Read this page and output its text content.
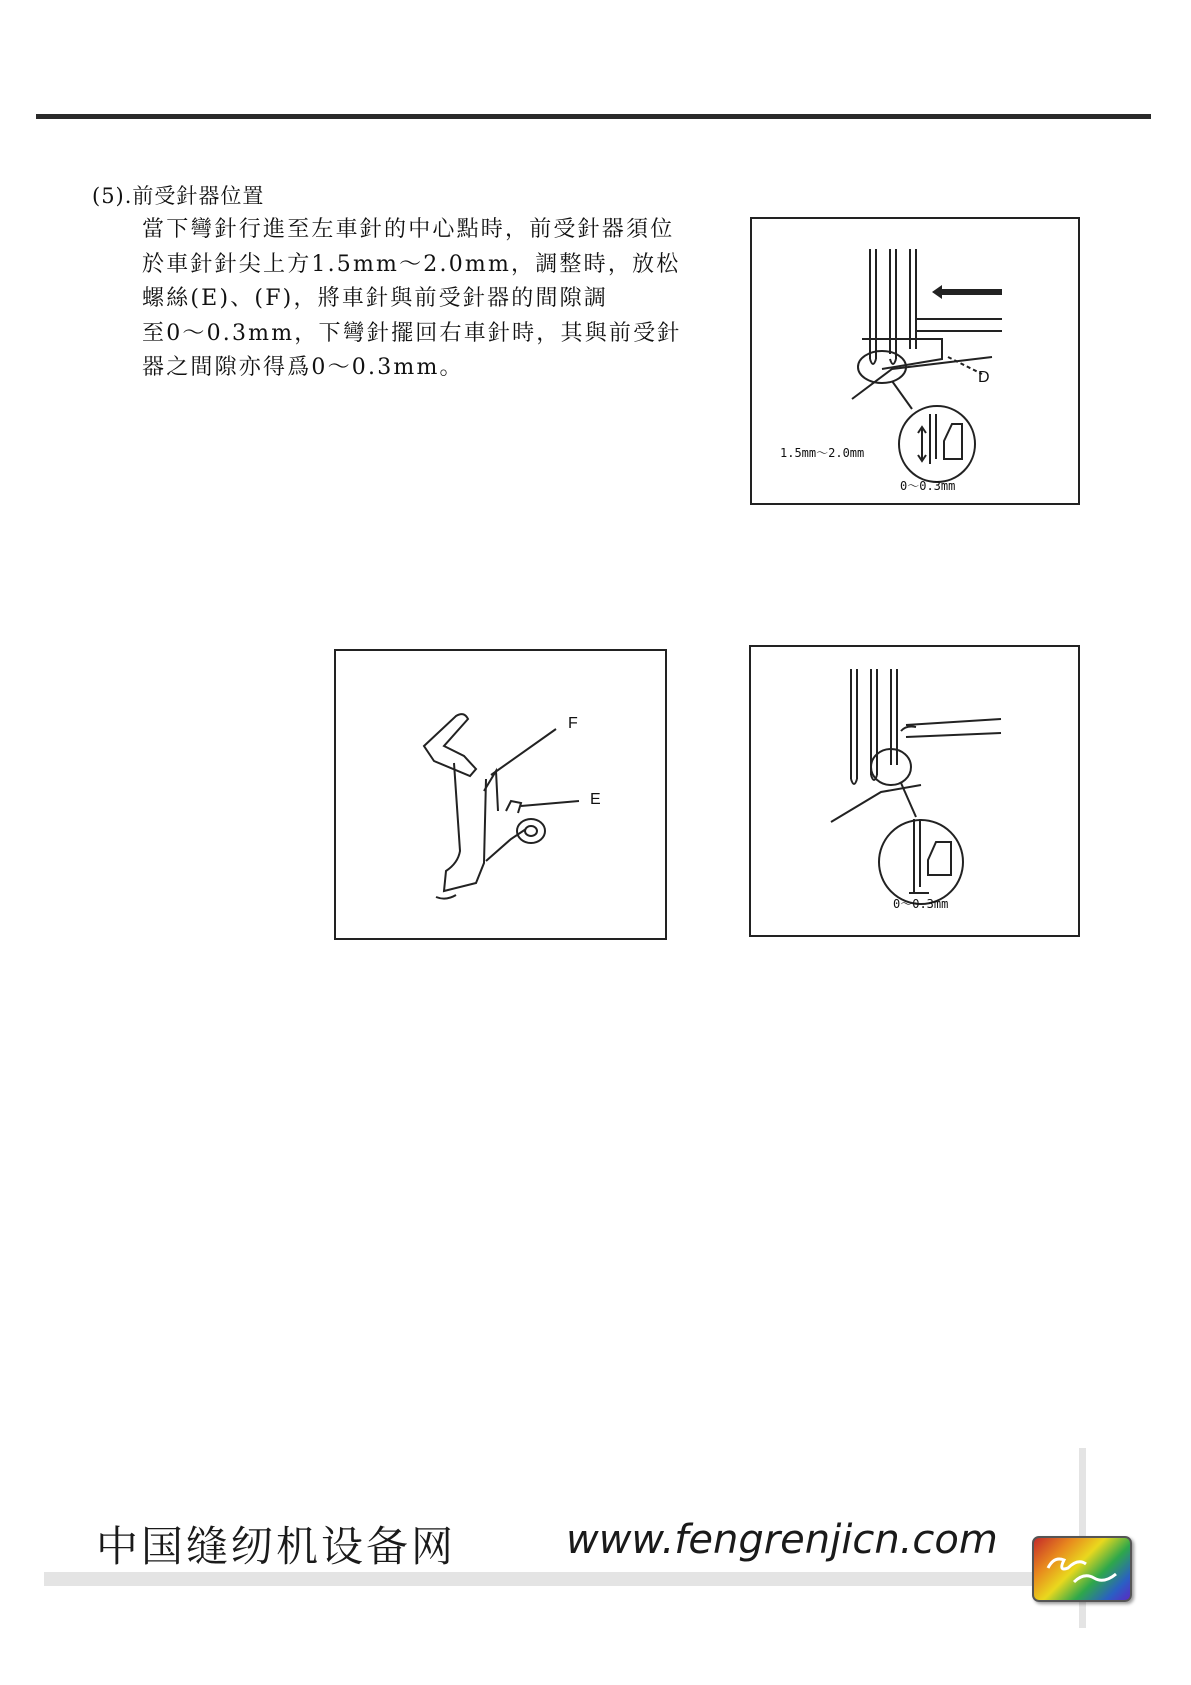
(5).前受針器位置
當下彎針行進至左車針的中心點時，前受針器須位
於車針針尖上方1.5mm～2.0mm，調整時，放松
螺絲(E)、(F)，將車針與前受針器的間隙調
至0～0.3mm，下彎針擺回右車針時，其與前受針
器之間隙亦得爲0～0.3mm。	D
1.5mm～2.0mm
0～0.3mm
F
E
0～0.3mm
中国缝纫机设备网	www.fengrenjicn.com
